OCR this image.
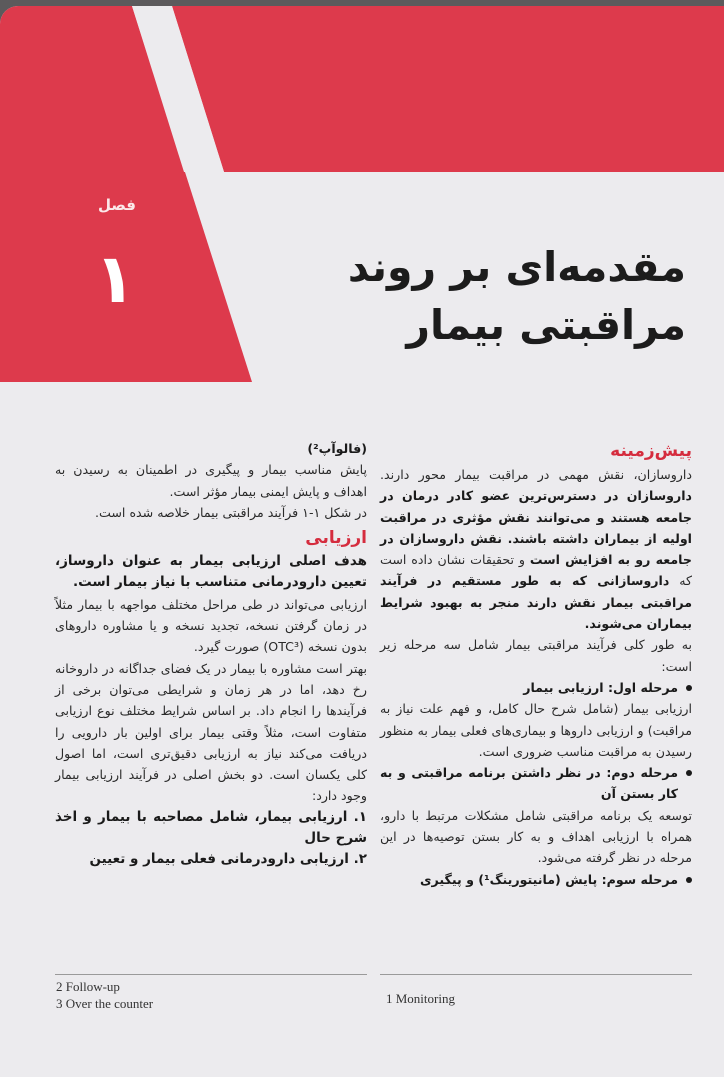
فصل
۱	مقدمه‌ای بر روند
مراقبتی بیمار
پیش‌زمینه

داروسازان، نقش مهمی در مراقبت بیمار محور دارند. داروسازان در دسترس‌ترین عضو کادر درمان در جامعه هستند و می‌توانند نقش مؤثری در مراقبت اولیه از بیماران داشته باشند. نقش داروسازان در جامعه رو به افزایش است و تحقیقات نشان داده است که داروسازانی که به طور مستقیم در فرآیند مراقبتی بیمار نقش دارند منجر به بهبود شرایط بیماران می‌شوند.

به طور کلی فرآیند مراقبتی بیمار شامل سه مرحله زیر است:

مرحله اول: ارزیابی بیمار

ارزیابی بیمار (شامل شرح حال کامل، و فهم علت نیاز به مراقبت) و ارزیابی داروها و بیماری‌های فعلی بیمار به منظور رسیدن به مراقبت مناسب ضروری است.

مرحله دوم: در نظر داشتن برنامه مراقبتی و به کار بستن آن

توسعه یک برنامه مراقبتی شامل مشکلات مرتبط با دارو، همراه با ارزیابی اهداف و به کار بستن توصیه‌ها در این مرحله در نظر گرفته می‌شود.

مرحله سوم: پایش (مانیتورینگ¹) و پیگیری
(فالوآپ²)

پایش مناسب بیمار و پیگیری در اطمینان به رسیدن به اهداف و پایش ایمنی بیمار مؤثر است.

در شکل ۱-۱ فرآیند مراقبتی بیمار خلاصه شده است.

ارزیابی

هدف اصلی ارزیابی بیمار به عنوان داروساز، تعیین دارودرمانی متناسب با نیاز بیمار است.

ارزیابی می‌تواند در طی مراحل مختلف مواجهه با بیمار مثلاً در زمان گرفتن نسخه، تجدید نسخه و یا مشاوره داروهای بدون نسخه (OTC³) صورت گیرد.

بهتر است مشاوره با بیمار در یک فضای جداگانه در داروخانه رخ دهد، اما در هر زمان و شرایطی می‌توان برخی از فرآیندها را انجام داد. بر اساس شرایط مختلف نوع ارزیابی متفاوت است، مثلاً وقتی بیمار برای اولین بار دارویی را دریافت می‌کند نیاز به ارزیابی دقیق‌تری است، اما اصول کلی یکسان است. دو بخش اصلی در فرآیند ارزیابی بیمار وجود دارد:

۱. ارزیابی بیمار، شامل مصاحبه با بیمار و اخذ شرح حال

۲. ارزیابی دارودرمانی فعلی بیمار و تعیین

2 Follow-up
3 Over the counter	1 Monitoring
